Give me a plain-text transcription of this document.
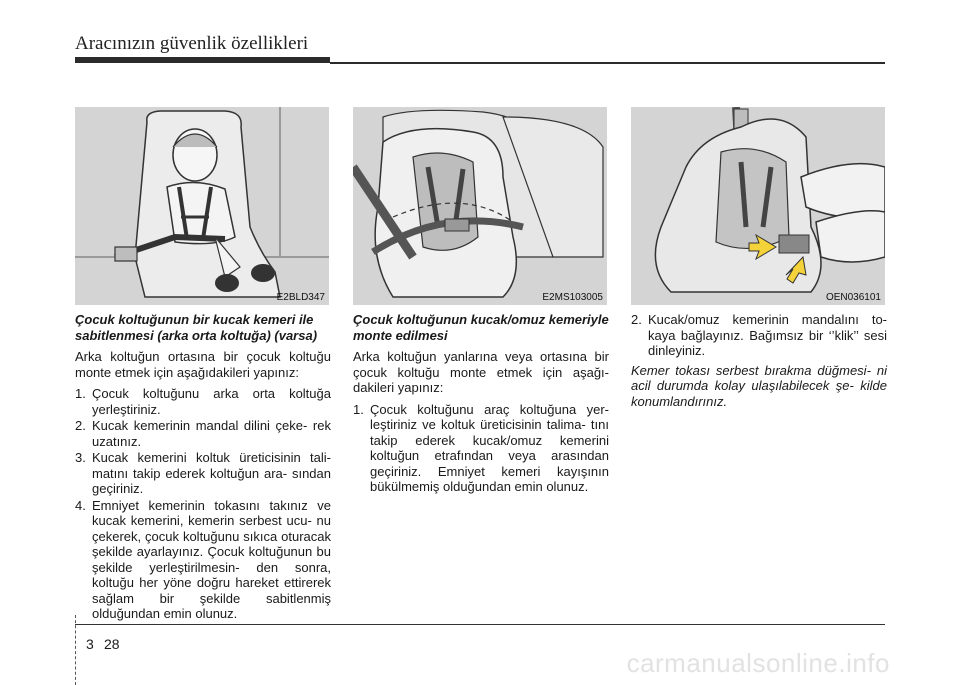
Aracınızın güvenlik özellikleri
E2BLD347	E2MS103005	OEN036101

Çocuk koltuğunun bir kucak kemeri ile sabitlenmesi (arka orta koltuğa) (varsa)

Arka koltuğun ortasına bir çocuk koltuğu monte etmek için aşağıdakileri yapınız:

1. Çocuk koltuğunu arka orta koltuğa yerleştiriniz.
2. Kucak kemerinin mandal dilini çeke- rek uzatınız.
3. Kucak kemerini koltuk üreticisinin tali- matını takip ederek koltuğun ara- sından geçiriniz.
4. Emniyet kemerinin tokasını takınız ve kucak kemerini, kemerin serbest ucu- nu çekerek, çocuk koltuğunu sıkıca oturacak şekilde ayarlayınız. Çocuk koltuğunun bu şekilde yerleştirilmesin- den sonra, koltuğu her yöne doğru hareket ettirerek sağlam bir şekilde sabitlenmiş olduğundan emin olunuz.

Çocuk koltuğunun kucak/omuz kemeriyle monte edilmesi

Arka koltuğun yanlarına veya ortasına bir çocuk koltuğu monte etmek için aşağı- dakileri yapınız:

1. Çocuk koltuğunu araç koltuğuna yer- leştiriniz ve koltuk üreticisinin talima- tını takip ederek kucak/omuz kemerini koltuğun etrafından veya arasından geçiriniz. Emniyet kemeri kayışının bükülmemiş olduğundan emin olunuz.
2. Kucak/omuz kemerinin mandalını to- kaya bağlayınız. Bağımsız bir ‘’klik’’ sesi dinleyiniz.

Kemer tokası serbest bırakma düğmesi- ni acil durumda kolay ulaşılabilecek şe- kilde konumlandırınız.

3 28
carmanualsonline.info
